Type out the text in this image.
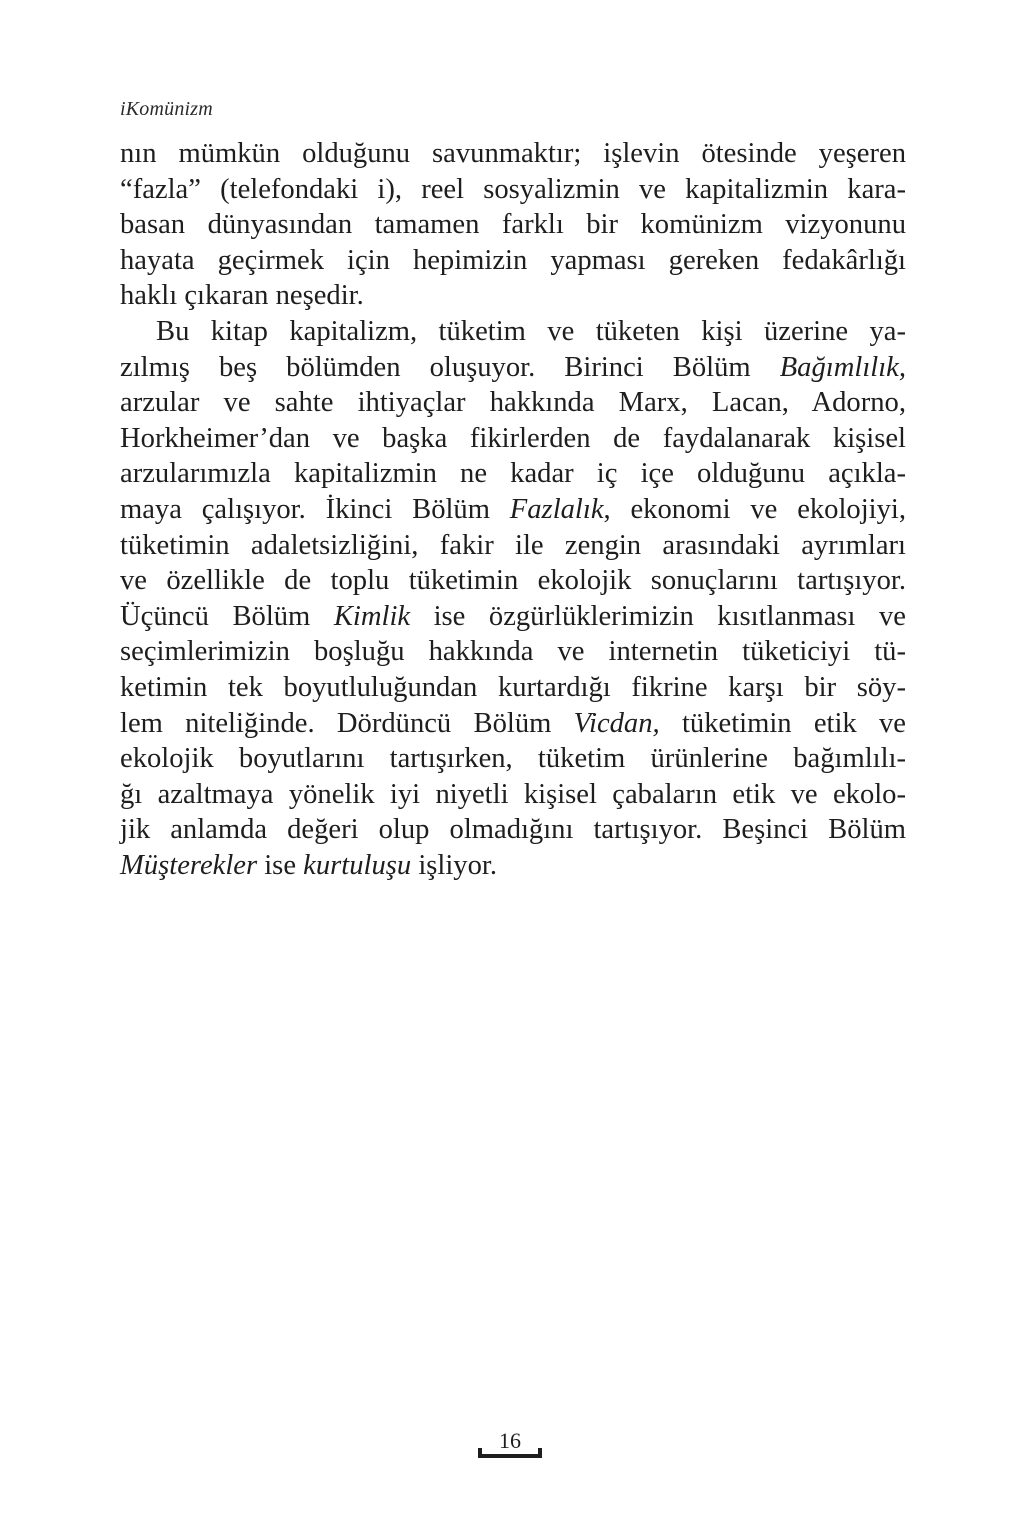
iKomünizm

nın mümkün olduğunu savunmaktır; işlevin ötesinde yeşeren
“fazla” (telefondaki i), reel sosyalizmin ve kapitalizmin kara-
basan dünyasından tamamen farklı bir komünizm vizyonunu
hayata geçirmek için hepimizin yapması gereken fedakârlığı
haklı çıkaran neşedir.

Bu kitap kapitalizm, tüketim ve tüketen kişi üzerine ya-
zılmış beş bölümden oluşuyor. Birinci Bölüm Bağımlılık,
arzular ve sahte ihtiyaçlar hakkında Marx, Lacan, Adorno,
Horkheimer’dan ve başka fikirlerden de faydalanarak kişisel
arzularımızla kapitalizmin ne kadar iç içe olduğunu açıkla-
maya çalışıyor. İkinci Bölüm Fazlalık, ekonomi ve ekolojiyi,
tüketimin adaletsizliğini, fakir ile zengin arasındaki ayrımları
ve özellikle de toplu tüketimin ekolojik sonuçlarını tartışıyor.
Üçüncü Bölüm Kimlik ise özgürlüklerimizin kısıtlanması ve
seçimlerimizin boşluğu hakkında ve internetin tüketiciyi tü-
ketimin tek boyutluluğundan kurtardığı fikrine karşı bir söy-
lem niteliğinde. Dördüncü Bölüm Vicdan, tüketimin etik ve
ekolojik boyutlarını tartışırken, tüketim ürünlerine bağımlılı-
ğı azaltmaya yönelik iyi niyetli kişisel çabaların etik ve ekolo-
jik anlamda değeri olup olmadığını tartışıyor. Beşinci Bölüm
Müşterekler ise kurtuluşu işliyor.

16
